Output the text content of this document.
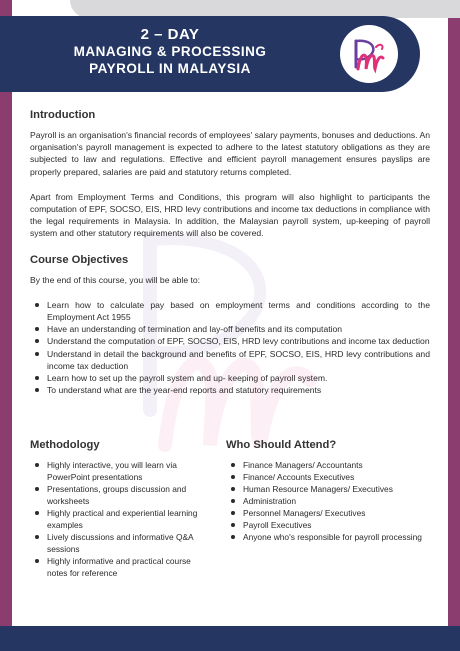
2 – DAY
MANAGING & PROCESSING
PAYROLL IN MALAYSIA
Introduction

Payroll is an organisation's financial records of employees' salary payments, bonuses and deductions. An organisation's payroll management is expected to adhere to the latest statutory obligations as they are subjected to law and regulations. Effective and efficient payroll management ensures payslips are properly prepared, salaries are paid and statutory returns completed.

Apart from Employment Terms and Conditions, this program will also highlight to participants the computation of EPF, SOCSO, EIS, HRD levy contributions and income tax deductions in compliance with the legal requirements in Malaysia. In addition, the Malaysian payroll system, up-keeping of payroll system and other statutory requirements will also be covered.

Course Objectives

By the end of this course, you will be able to:

Learn how to calculate pay based on employment terms and conditions according to the Employment Act 1955
Have an understanding of termination and lay-off benefits and its computation
Understand the computation of EPF, SOCSO, EIS, HRD levy contributions and income tax deduction
Understand in detail the background and benefits of EPF, SOCSO, EIS, HRD levy contributions and income tax deduction
Learn how to set up the payroll system and up- keeping of payroll system.
To understand what are the year-end reports and statutory requirements
Methodology
Highly interactive, you will learn via PowerPoint presentations
Presentations, groups discussion and worksheets
Highly practical and experiential learning examples
Lively discussions and informative Q&A sessions
Highly informative and practical course notes for reference
Who Should Attend?
Finance Managers/ Accountants
Finance/ Accounts Executives
Human Resource Managers/ Executives
Administration
Personnel Managers/ Executives
Payroll Executives
Anyone who's responsible for payroll processing
